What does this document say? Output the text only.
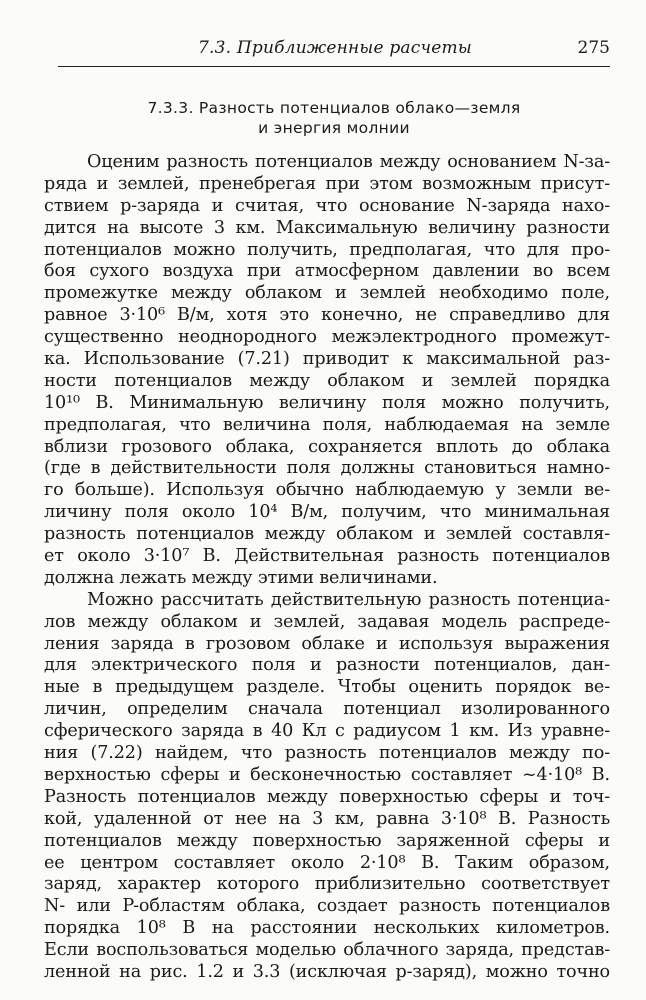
7.3. Приближенные расчеты	275
7.3.3. Разность потенциалов облако—земля
и энергия молнии
Оценим разность потенциалов между основанием N-за-
ряда и землей, пренебрегая при этом возможным присут-
ствием p-заряда и считая, что основание N-заряда нахо-
дится на высоте 3 км. Максимальную величину разности
потенциалов можно получить, предполагая, что для про-
боя сухого воздуха при атмосферном давлении во всем
промежутке между облаком и землей необходимо поле,
равное 3·10⁶ В/м, хотя это конечно, не справедливо для
существенно неоднородного межэлектродного промежут-
ка. Использование (7.21) приводит к максимальной раз-
ности потенциалов между облаком и землей порядка
10¹⁰ В. Минимальную величину поля можно получить,
предполагая, что величина поля, наблюдаемая на земле
вблизи грозового облака, сохраняется вплоть до облака
(где в действительности поля должны становиться намно-
го больше). Используя обычно наблюдаемую у земли ве-
личину поля около 10⁴ В/м, получим, что минимальная
разность потенциалов между облаком и землей составля-
ет около 3·10⁷ В. Действительная разность потенциалов
должна лежать между этими величинами.
Можно рассчитать действительную разность потенциа-
лов между облаком и землей, задавая модель распреде-
ления заряда в грозовом облаке и используя выражения
для электрического поля и разности потенциалов, дан-
ные в предыдущем разделе. Чтобы оценить порядок ве-
личин, определим сначала потенциал изолированного
сферического заряда в 40 Кл с радиусом 1 км. Из уравне-
ния (7.22) найдем, что разность потенциалов между по-
верхностью сферы и бесконечностью составляет ~4·10⁸ В.
Разность потенциалов между поверхностью сферы и точ-
кой, удаленной от нее на 3 км, равна 3·10⁸ В. Разность
потенциалов между поверхностью заряженной сферы и
ее центром составляет около 2·10⁸ В. Таким образом,
заряд, характер которого приблизительно соответствует
N- или P-областям облака, создает разность потенциалов
порядка 10⁸ В на расстоянии нескольких километров.
Если воспользоваться моделью облачного заряда, представ-
ленной на рис. 1.2 и 3.3 (исключая p-заряд), можно точно
